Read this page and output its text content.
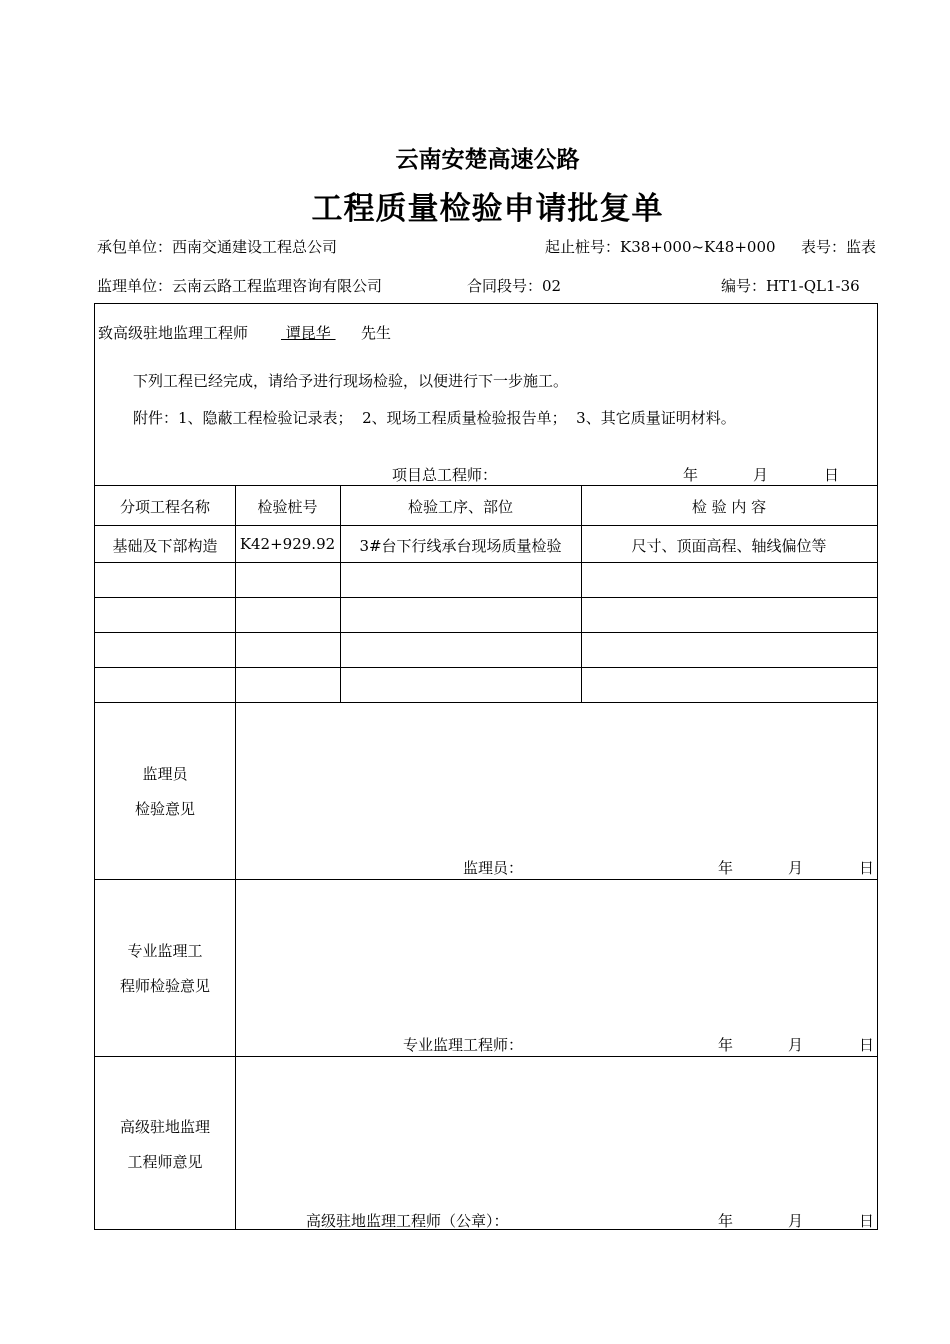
云南安楚高速公路
工程质量检验申请批复单
承包单位：西南交通建设工程总公司	起止桩号：K38+000~K48+000 表号：监表
监理单位：云南云路工程监理咨询有限公司	合同段号：02	编号：HT1-QL1-36
致高级驻地监理工程师 谭昆华 先生
下列工程已经完成，请给予进行现场检验，以便进行下一步施工。
附件：1、隐蔽工程检验记录表；  2、现场工程质量检验报告单；  3、其它质量证明材料。
项目总工程师：	年	月	日
分项工程名称	检验桩号	检验工序、部位	检 验 内 容
基础及下部构造	K42+929.92	3#台下行线承台现场质量检验	尺寸、顶面高程、轴线偏位等
监理员
检验意见
监理员：	年	月	日
专业监理工
程师检验意见
专业监理工程师：	年	月	日
高级驻地监理
工程师意见
高级驻地监理工程师（公章）：	年	月	日
